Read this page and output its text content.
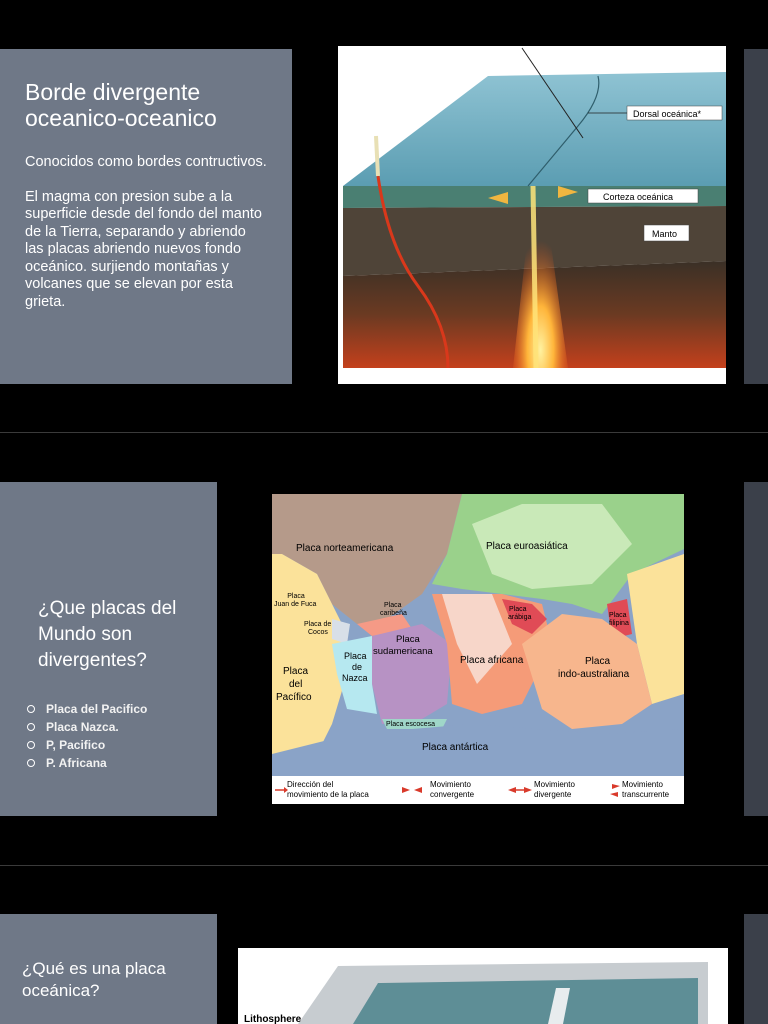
Borde divergente oceanico-oceanico

Conocidos como bordes contructivos.

El magma con presion sube a la superficie desde del fondo del manto de la Tierra, separando y abriendo las placas abriendo nuevos fondo oceánico. surjiendo montañas y volcanes que se elevan por esta grieta.

Dorsal oceánica*
Corteza oceánica
Manto
¿Que placas del Mundo son divergentes?
Placa del Pacifico
Placa Nazca.
P, Pacifico
P. Africana
Placa norteamericana	Placa euroasiática
Placa
Juan de Fuca	Placa
caribeña
Placa
arábiga	Placa
filipina
Placa de
Cocos
Placa
sudamericana
Placa
de
Nazca
Placa africana	Placa
indo-australiana
Placa
del
Pacífico
Placa escocesa
Placa antártica
Dirección del
movimiento de la placa
Movimiento
convergente
Movimiento
divergente
Movimiento
transcurrente
¿Qué es una placa oceánica?
Lithosphere
